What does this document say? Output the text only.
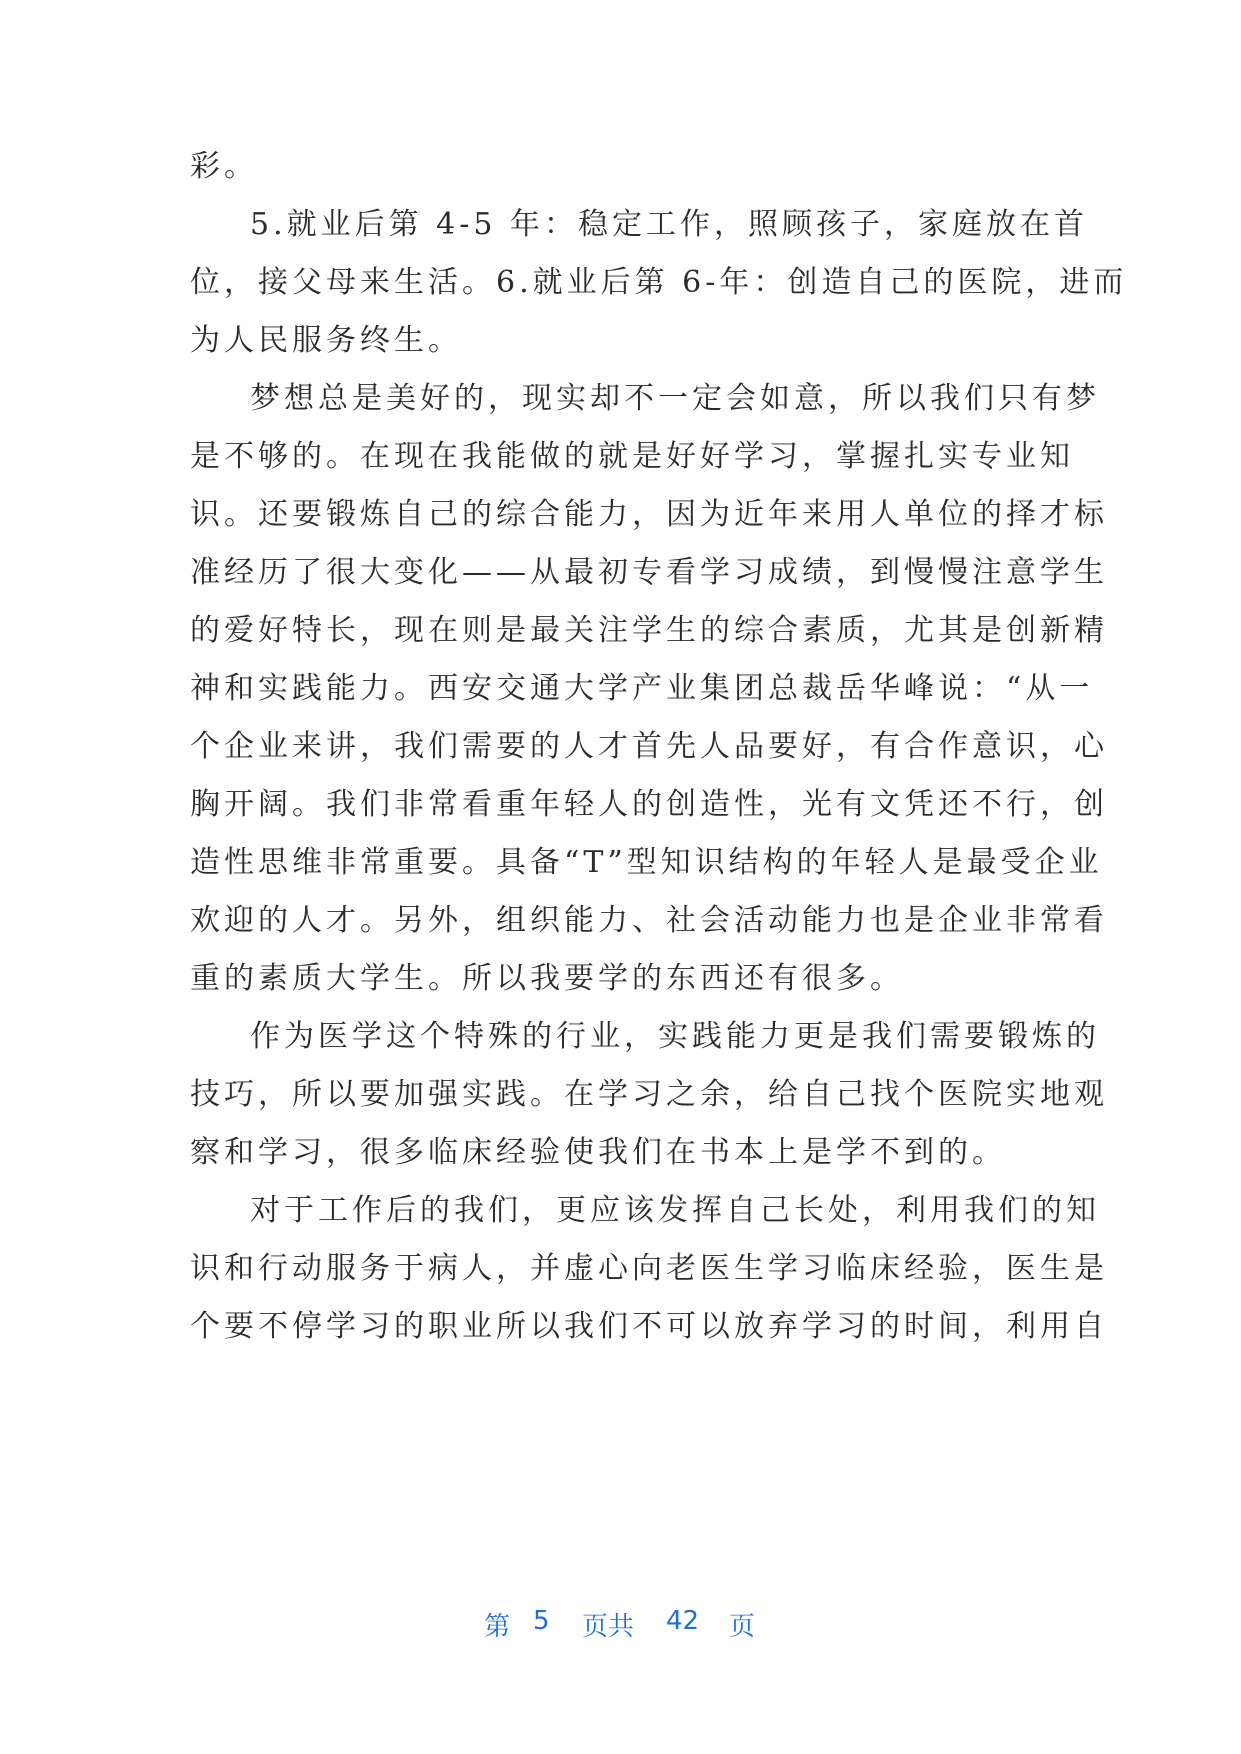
彩。
5.就业后第 4-5 年：稳定工作，照顾孩子，家庭放在首
位，接父母来生活。6.就业后第 6-年：创造自己的医院，进而
为人民服务终生。
梦想总是美好的，现实却不一定会如意，所以我们只有梦
是不够的。在现在我能做的就是好好学习，掌握扎实专业知
识。还要锻炼自己的综合能力，因为近年来用人单位的择才标
准经历了很大变化——从最初专看学习成绩，到慢慢注意学生
的爱好特长，现在则是最关注学生的综合素质，尤其是创新精
神和实践能力。西安交通大学产业集团总裁岳华峰说：“从一
个企业来讲，我们需要的人才首先人品要好，有合作意识，心
胸开阔。我们非常看重年轻人的创造性，光有文凭还不行，创
造性思维非常重要。具备“T”型知识结构的年轻人是最受企业
欢迎的人才。另外，组织能力、社会活动能力也是企业非常看
重的素质大学生。所以我要学的东西还有很多。
作为医学这个特殊的行业，实践能力更是我们需要锻炼的
技巧，所以要加强实践。在学习之余，给自己找个医院实地观
察和学习，很多临床经验使我们在书本上是学不到的。
对于工作后的我们，更应该发挥自己长处，利用我们的知
识和行动服务于病人，并虚心向老医生学习临床经验，医生是
个要不停学习的职业所以我们不可以放弃学习的时间，利用自
第 5 页共 42 页
